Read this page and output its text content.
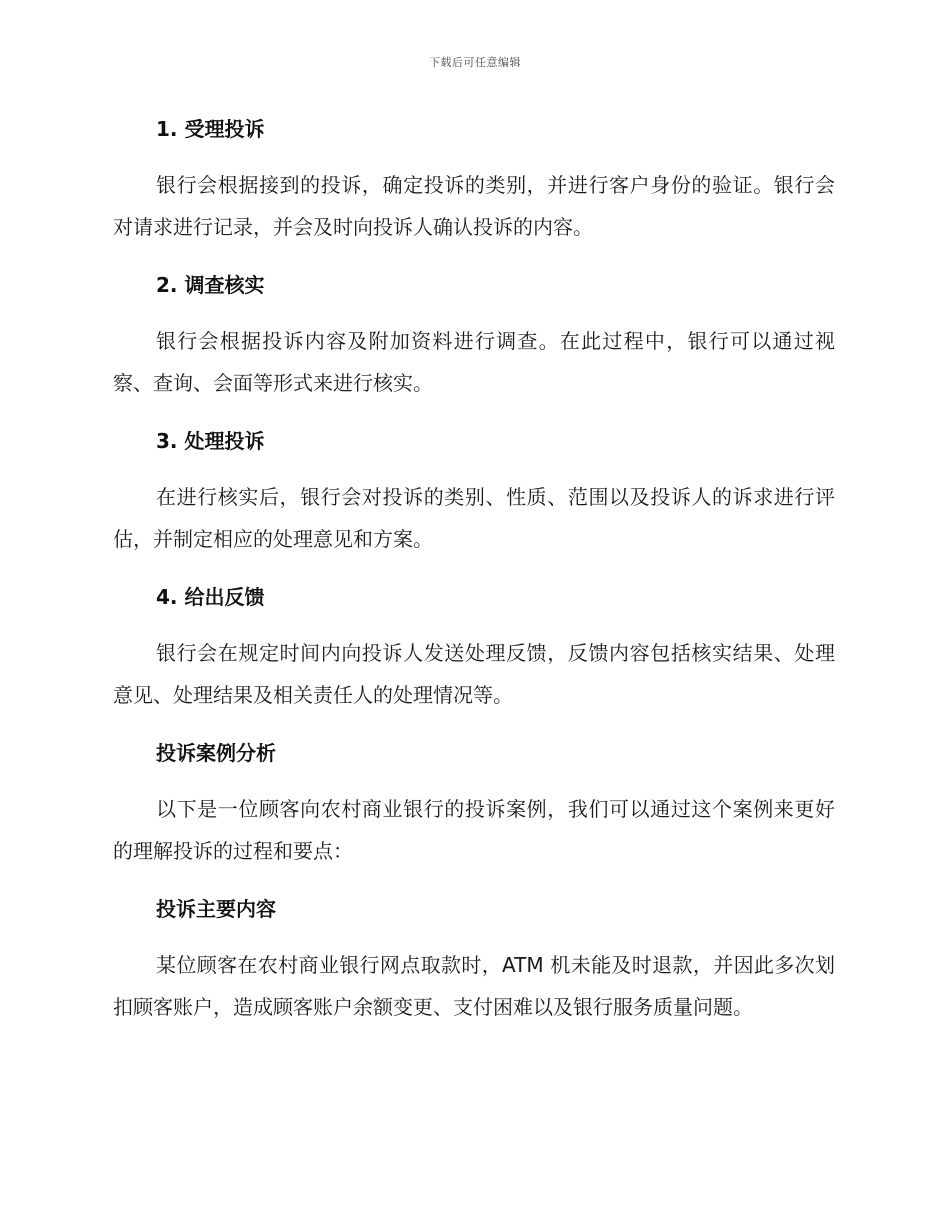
下载后可任意编辑
1. 受理投诉

银行会根据接到的投诉，确定投诉的类别，并进行客户身份的验证。银行会对请求进行记录，并会及时向投诉人确认投诉的内容。

2. 调查核实

银行会根据投诉内容及附加资料进行调查。在此过程中，银行可以通过视察、查询、会面等形式来进行核实。

3. 处理投诉

在进行核实后，银行会对投诉的类别、性质、范围以及投诉人的诉求进行评估，并制定相应的处理意见和方案。

4. 给出反馈

银行会在规定时间内向投诉人发送处理反馈，反馈内容包括核实结果、处理意见、处理结果及相关责任人的处理情况等。

投诉案例分析

以下是一位顾客向农村商业银行的投诉案例，我们可以通过这个案例来更好的理解投诉的过程和要点：

投诉主要内容

某位顾客在农村商业银行网点取款时，ATM 机未能及时退款，并因此多次划扣顾客账户，造成顾客账户余额变更、支付困难以及银行服务质量问题。
